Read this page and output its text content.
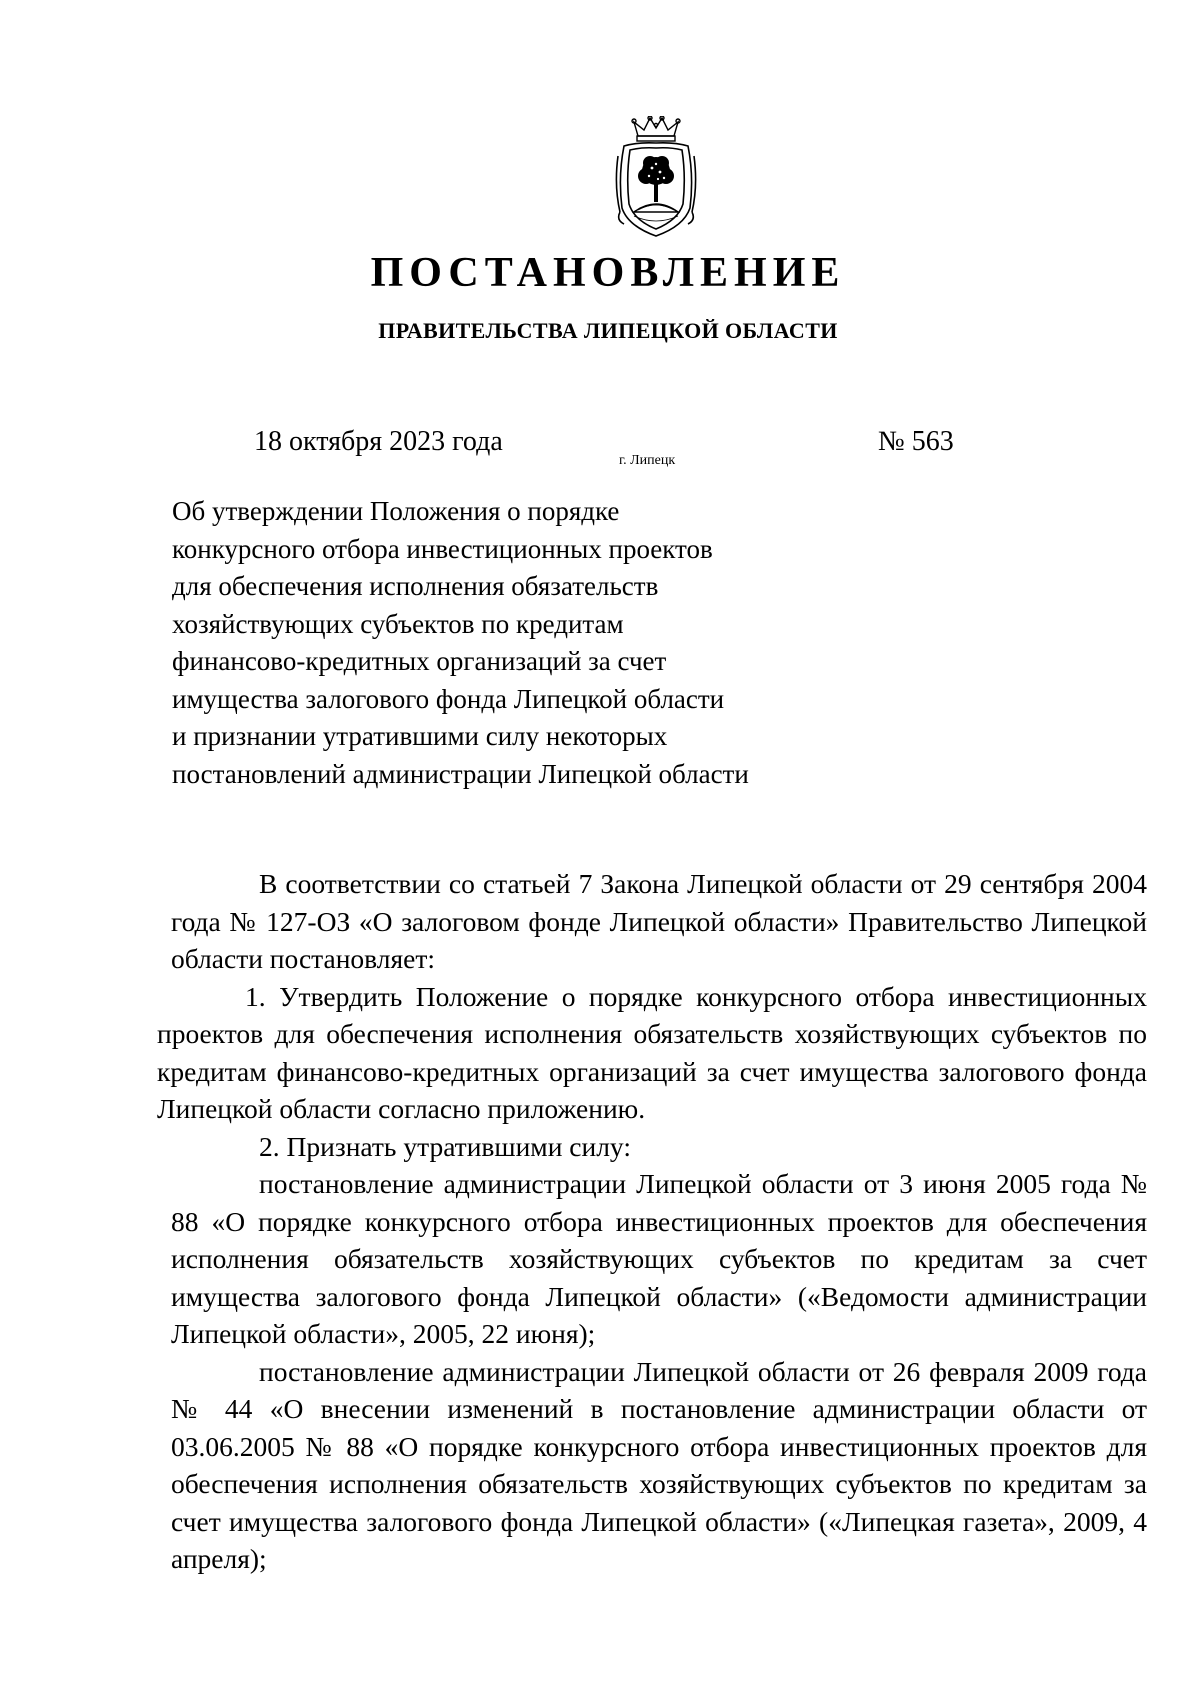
ПОСТАНОВЛЕНИЕ
ПРАВИТЕЛЬСТВА ЛИПЕЦКОЙ ОБЛАСТИ
18 октября 2023 года
г. Липецк
№ 563
Об утверждении Положения о порядке
конкурсного отбора инвестиционных проектов
для обеспечения исполнения обязательств
хозяйствующих субъектов по кредитам
финансово-кредитных организаций за счет
имущества залогового фонда Липецкой области
и признании утратившими силу некоторых
постановлений администрации Липецкой области

В соответствии со статьей 7 Закона Липецкой области от 29 сентября 2004 года № 127-ОЗ «О залоговом фонде Липецкой области» Правительство Липецкой области постановляет:

1. Утвердить Положение о порядке конкурсного отбора инвестиционных проектов для обеспечения исполнения обязательств хозяйствующих субъектов по кредитам финансово-кредитных организаций за счет имущества залогового фонда Липецкой области согласно приложению.

2. Признать утратившими силу:

постановление администрации Липецкой области от 3 июня 2005 года № 88 «О порядке конкурсного отбора инвестиционных проектов для обеспечения исполнения обязательств хозяйствующих субъектов по кредитам за счет имущества залогового фонда Липецкой области» («Ведомости администрации Липецкой области», 2005, 22 июня);

постановление администрации Липецкой области от 26 февраля 2009 года № 44 «О внесении изменений в постановление администрации области от 03.06.2005 № 88 «О порядке конкурсного отбора инвестиционных проектов для обеспечения исполнения обязательств хозяйствующих субъектов по кредитам за счет имущества залогового фонда Липецкой области» («Липецкая газета», 2009, 4 апреля);
